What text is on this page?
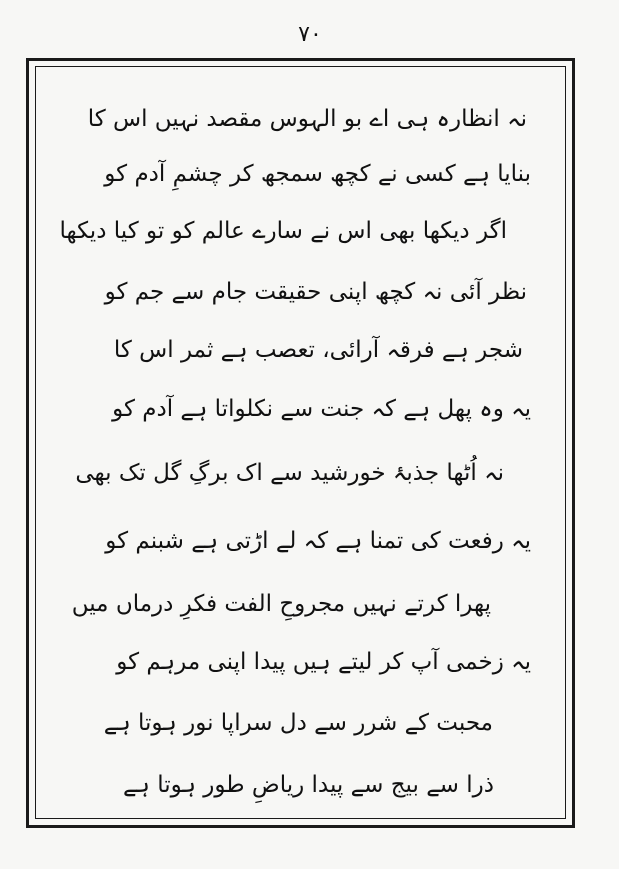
۷۰
نہ انظارہ ہی اے بو الہوس مقصد نہیں اس کا
بنایا ہے کسی نے کچھ سمجھ کر چشمِ آدم کو
اگر دیکھا بھی اس نے سارے عالم کو تو کیا دیکھا
نظر آئی نہ کچھ اپنی حقیقت جام سے جم کو
شجر ہے فرقہ آرائی، تعصب ہے ثمر اس کا
یہ وہ پھل ہے کہ جنت سے نکلواتا ہے آدم کو
نہ اُٹھا جذبۂ خورشید سے اک برگِ گل تک بھی
یہ رفعت کی تمنا ہے کہ لے اڑتی ہے شبنم کو
پھرا کرتے نہیں مجروحِ الفت فکرِ درماں میں
یہ زخمی آپ کر لیتے ہیں پیدا اپنی مرہم کو
محبت کے شرر سے دل سراپا نور ہوتا ہے
ذرا سے بیج سے پیدا ریاضِ طور ہوتا ہے
